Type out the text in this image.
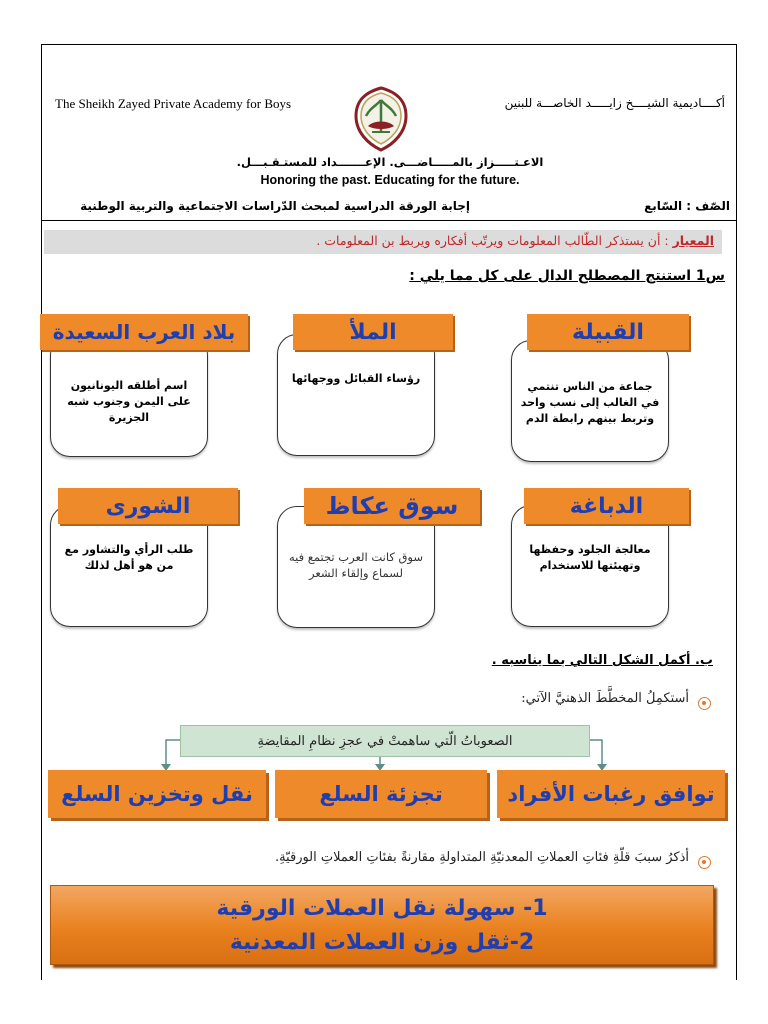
The Sheikh Zayed Private Academy for Boys	أكــــاديمية الشيــــخ زايـــــد الخاصـــة للبنين
الاعـتـــــزاز بالمـــــاضـــى. الإعـــــــداد للمستـقـبـــل.
Honoring the past. Educating for the future.
الصّف : السّابع
إجابة الورقة الدراسية لمبحث الدّراسات الاجتماعية والتربية الوطنية
المعيار : أن يستذكر الطّالب المعلومات ويرتّب أفكاره ويربط بن المعلومات .
س1 استنتج المصطلح الدال على كل مما يلي :
جماعة من الناس تنتمي في الغالب إلى نسب واحد وتربط بينهم رابطة الدم
القبيلة
رؤساء القبائل ووجهائها
الملأ
اسم أطلقه اليونانيون على اليمن وجنوب شبه الجزيرة
بلاد العرب السعيدة
معالجة الجلود وحفظها وتهيئتها للاستخدام
الدباغة
سوق كانت العرب تجتمع فيه لسماع وإلقاء الشعر
سوق عكاظ
طلب الرأي والتشاور مع من هو أهل لذلك
الشورى
ب. أكمل الشكل التالي بما يناسبه .
أستكمِلُ المخطَّطَ الذهنيَّ الآتي:
الصعوباتُ الّتي ساهمتْ في عجزِ نظامِ المقايضةِ
توافق رغبات الأفراد
تجزئة السلع
نقل وتخزين السلع
أذكرُ سببَ قلّةِ فئاتِ العملاتِ المعدنيّةِ المتداولةِ مقارنةً بفئاتِ العملاتِ الورقيّةِ.
1- سهولة نقل العملات الورقية
2-ثقل وزن العملات المعدنية
